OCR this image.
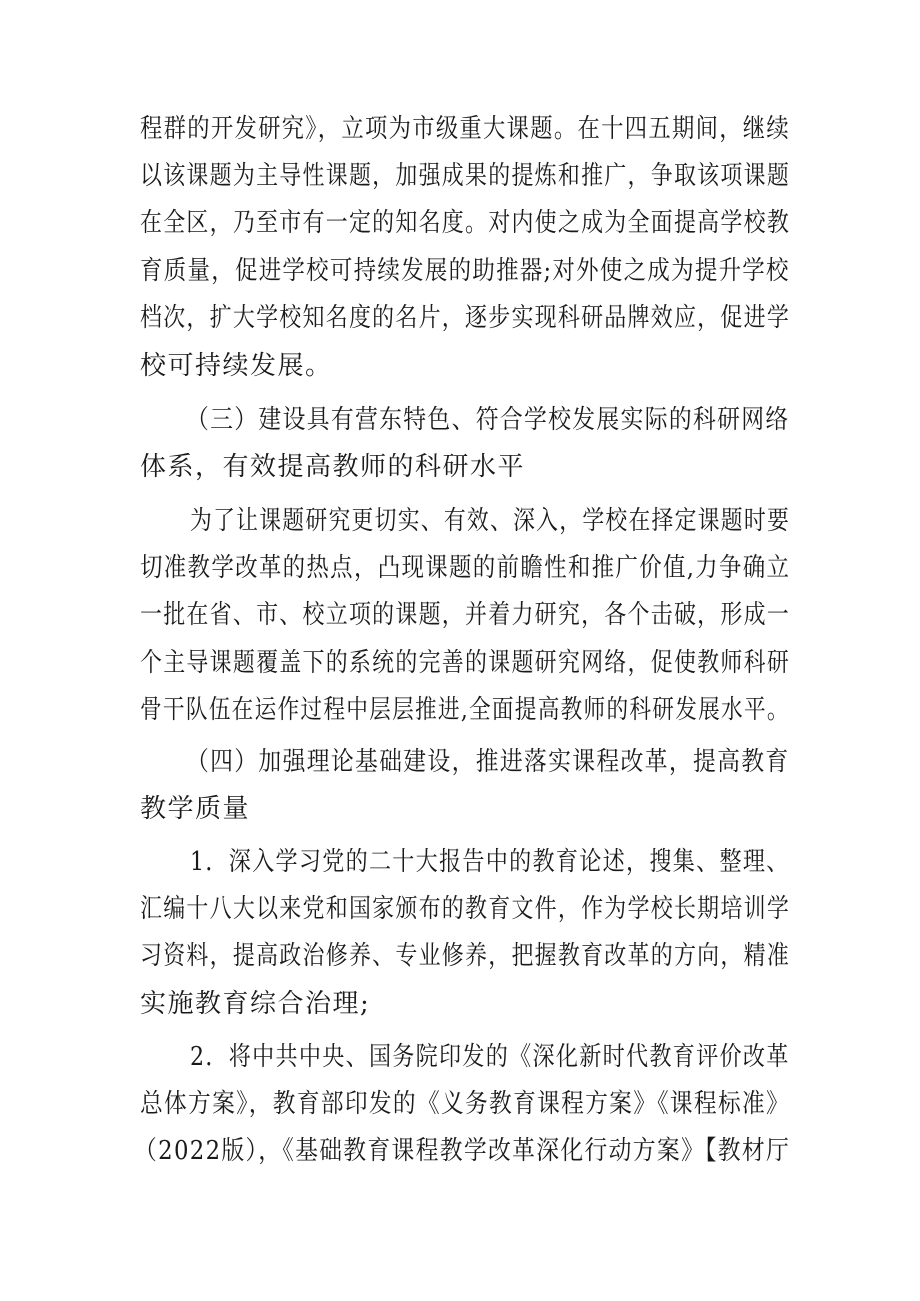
程群的开发研究》，立项为市级重大课题。在十四五期间，继续
以该课题为主导性课题，加强成果的提炼和推广，争取该项课题
在全区，乃至市有一定的知名度。对内使之成为全面提高学校教
育质量，促进学校可持续发展的助推器;对外使之成为提升学校
档次，扩大学校知名度的名片，逐步实现科研品牌效应，促进学
校可持续发展。
（三）建设具有营东特色、符合学校发展实际的科研网络
体系，有效提高教师的科研水平
为了让课题研究更切实、有效、深入，学校在择定课题时要
切准教学改革的热点，凸现课题的前瞻性和推广价值,力争确立
一批在省、市、校立项的课题，并着力研究，各个击破，形成一
个主导课题覆盖下的系统的完善的课题研究网络，促使教师科研
骨干队伍在运作过程中层层推进,全面提高教师的科研发展水平。
（四）加强理论基础建设，推进落实课程改革，提高教育
教学质量
1．深入学习党的二十大报告中的教育论述，搜集、整理、
汇编十八大以来党和国家颁布的教育文件，作为学校长期培训学
习资料，提高政治修养、专业修养，把握教育改革的方向，精准
实施教育综合治理;
2．将中共中央、国务院印发的《深化新时代教育评价改革
总体方案》，教育部印发的《义务教育课程方案》《课程标准》
（2022版），《基础教育课程教学改革深化行动方案》【教材厅
